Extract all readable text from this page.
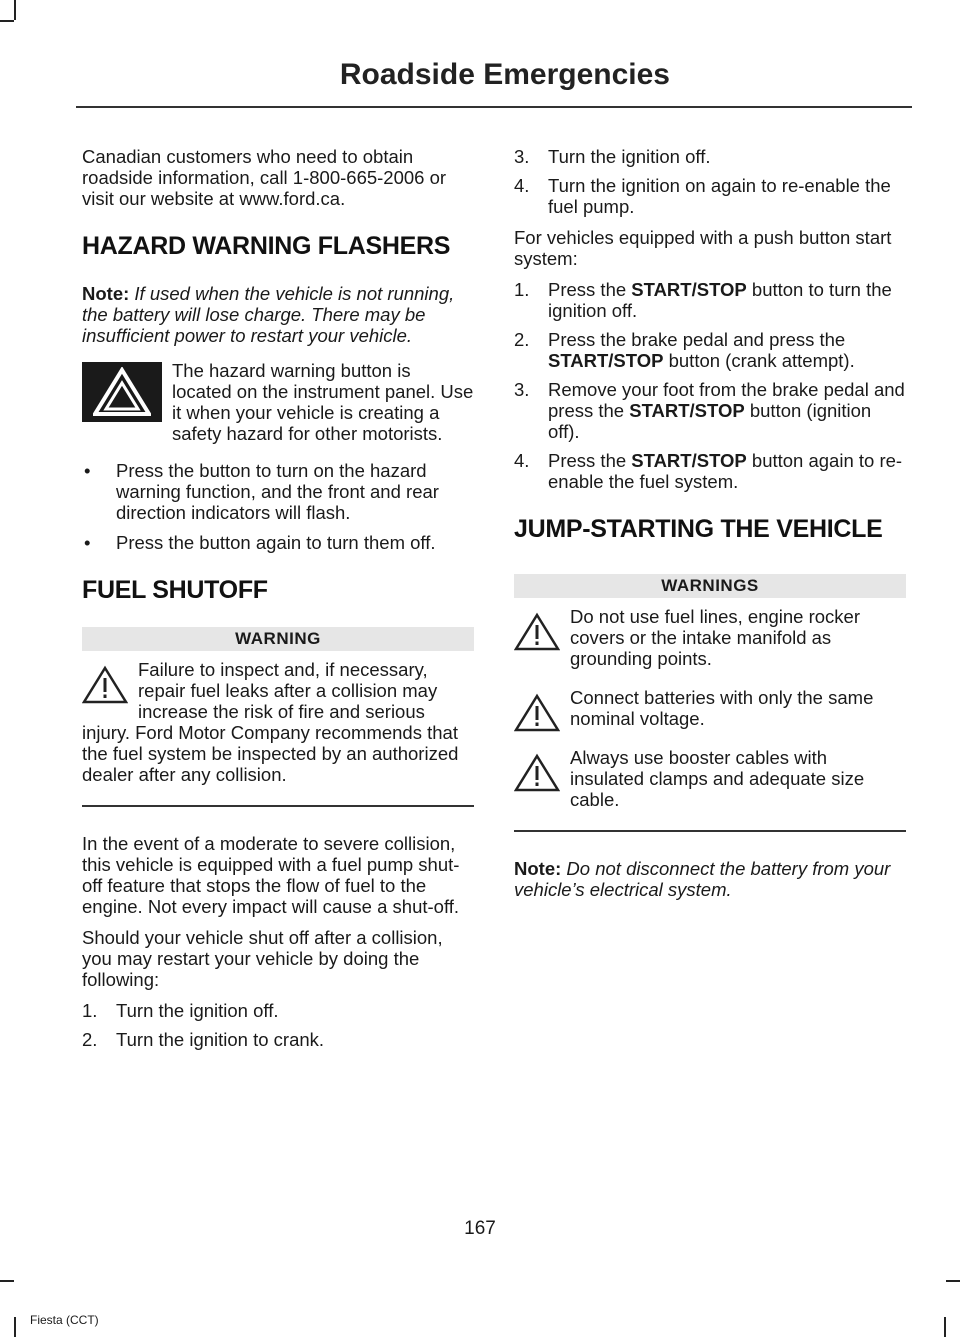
Roadside Emergencies

Canadian customers who need to obtain roadside information, call 1-800-665-2006 or visit our website at www.ford.ca.

HAZARD WARNING FLASHERS

Note: If used when the vehicle is not running, the battery will lose charge. There may be insufficient power to restart your vehicle.

The hazard warning button is located on the instrument panel. Use it when your vehicle is creating a safety hazard for other motorists.

• Press the button to turn on the hazard warning function, and the front and rear direction indicators will flash.
• Press the button again to turn them off.
FUEL SHUTOFF
WARNING

Failure to inspect and, if necessary, repair fuel leaks after a collision may increase the risk of fire and serious injury. Ford Motor Company recommends that the fuel system be inspected by an authorized dealer after any collision.

In the event of a moderate to severe collision, this vehicle is equipped with a fuel pump shut-off feature that stops the flow of fuel to the engine. Not every impact will cause a shut-off.

Should your vehicle shut off after a collision, you may restart your vehicle by doing the following:

1. Turn the ignition off.
2. Turn the ignition to crank.
3. Turn the ignition off.
4. Turn the ignition on again to re-enable the fuel pump.

For vehicles equipped with a push button start system:

1. Press the START/STOP button to turn the ignition off.
2. Press the brake pedal and press the START/STOP button (crank attempt).
3. Remove your foot from the brake pedal and press the START/STOP button (ignition off).
4. Press the START/STOP button again to re-enable the fuel system.
JUMP-STARTING THE VEHICLE
WARNINGS

Do not use fuel lines, engine rocker covers or the intake manifold as grounding points.

Connect batteries with only the same nominal voltage.

Always use booster cables with insulated clamps and adequate size cable.

Note: Do not disconnect the battery from your vehicle’s electrical system.

167

Fiesta (CCT)
